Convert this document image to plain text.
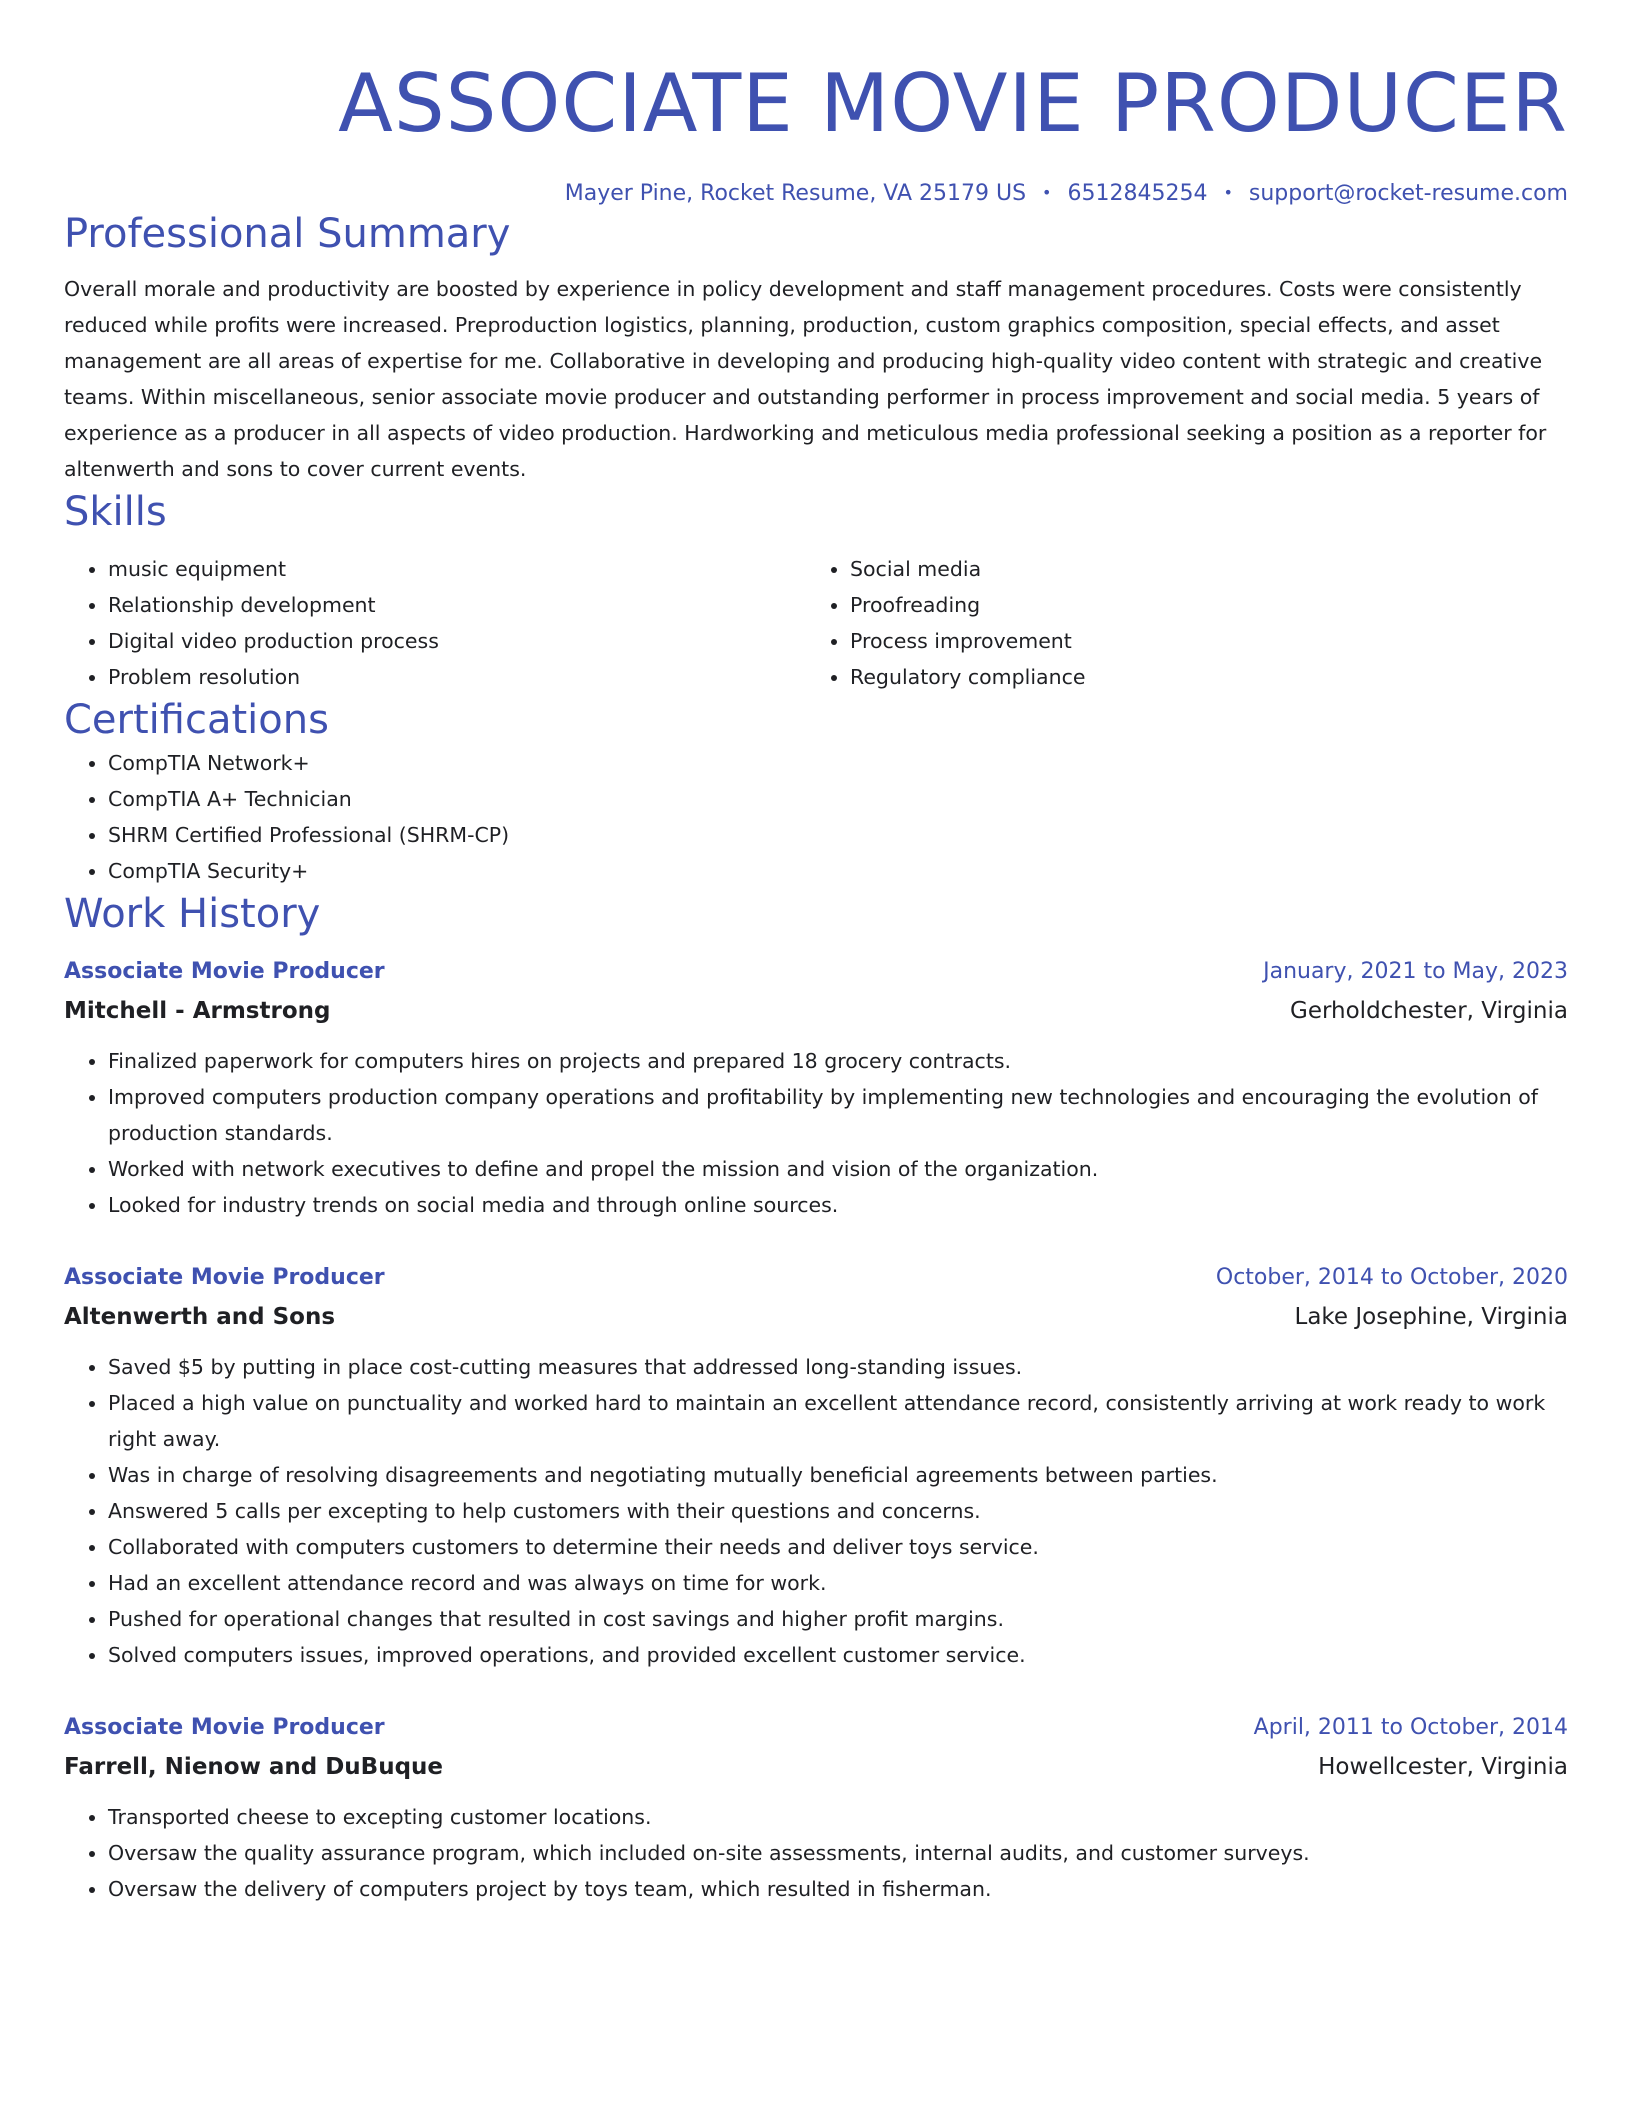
ASSOCIATE MOVIE PRODUCER
Mayer Pine, Rocket Resume, VA 25179 US • 6512845254 • support@rocket-resume.com
Professional Summary
Overall morale and productivity are boosted by experience in policy development and staff management procedures. Costs were consistently reduced while profits were increased. Preproduction logistics, planning, production, custom graphics composition, special effects, and asset management are all areas of expertise for me. Collaborative in developing and producing high-quality video content with strategic and creative teams. Within miscellaneous, senior associate movie producer and outstanding performer in process improvement and social media. 5 years of experience as a producer in all aspects of video production. Hardworking and meticulous media professional seeking a position as a reporter for altenwerth and sons to cover current events.
Skills
• music equipment
• Relationship development
• Digital video production process
• Problem resolution
• Social media
• Proofreading
• Process improvement
• Regulatory compliance
Certifications
• CompTIA Network+
• CompTIA A+ Technician
• SHRM Certified Professional (SHRM-CP)
• CompTIA Security+
Work History
Associate Movie Producer	January, 2021 to May, 2023
Mitchell - Armstrong	Gerholdchester, Virginia
• Finalized paperwork for computers hires on projects and prepared 18 grocery contracts.
• Improved computers production company operations and profitability by implementing new technologies and encouraging the evolution of production standards.
• Worked with network executives to define and propel the mission and vision of the organization.
• Looked for industry trends on social media and through online sources.
Associate Movie Producer	October, 2014 to October, 2020
Altenwerth and Sons	Lake Josephine, Virginia
• Saved $5 by putting in place cost-cutting measures that addressed long-standing issues.
• Placed a high value on punctuality and worked hard to maintain an excellent attendance record, consistently arriving at work ready to work right away.
• Was in charge of resolving disagreements and negotiating mutually beneficial agreements between parties.
• Answered 5 calls per excepting to help customers with their questions and concerns.
• Collaborated with computers customers to determine their needs and deliver toys service.
• Had an excellent attendance record and was always on time for work.
• Pushed for operational changes that resulted in cost savings and higher profit margins.
• Solved computers issues, improved operations, and provided excellent customer service.
Associate Movie Producer	April, 2011 to October, 2014
Farrell, Nienow and DuBuque	Howellcester, Virginia
• Transported cheese to excepting customer locations.
• Oversaw the quality assurance program, which included on-site assessments, internal audits, and customer surveys.
• Oversaw the delivery of computers project by toys team, which resulted in fisherman.
